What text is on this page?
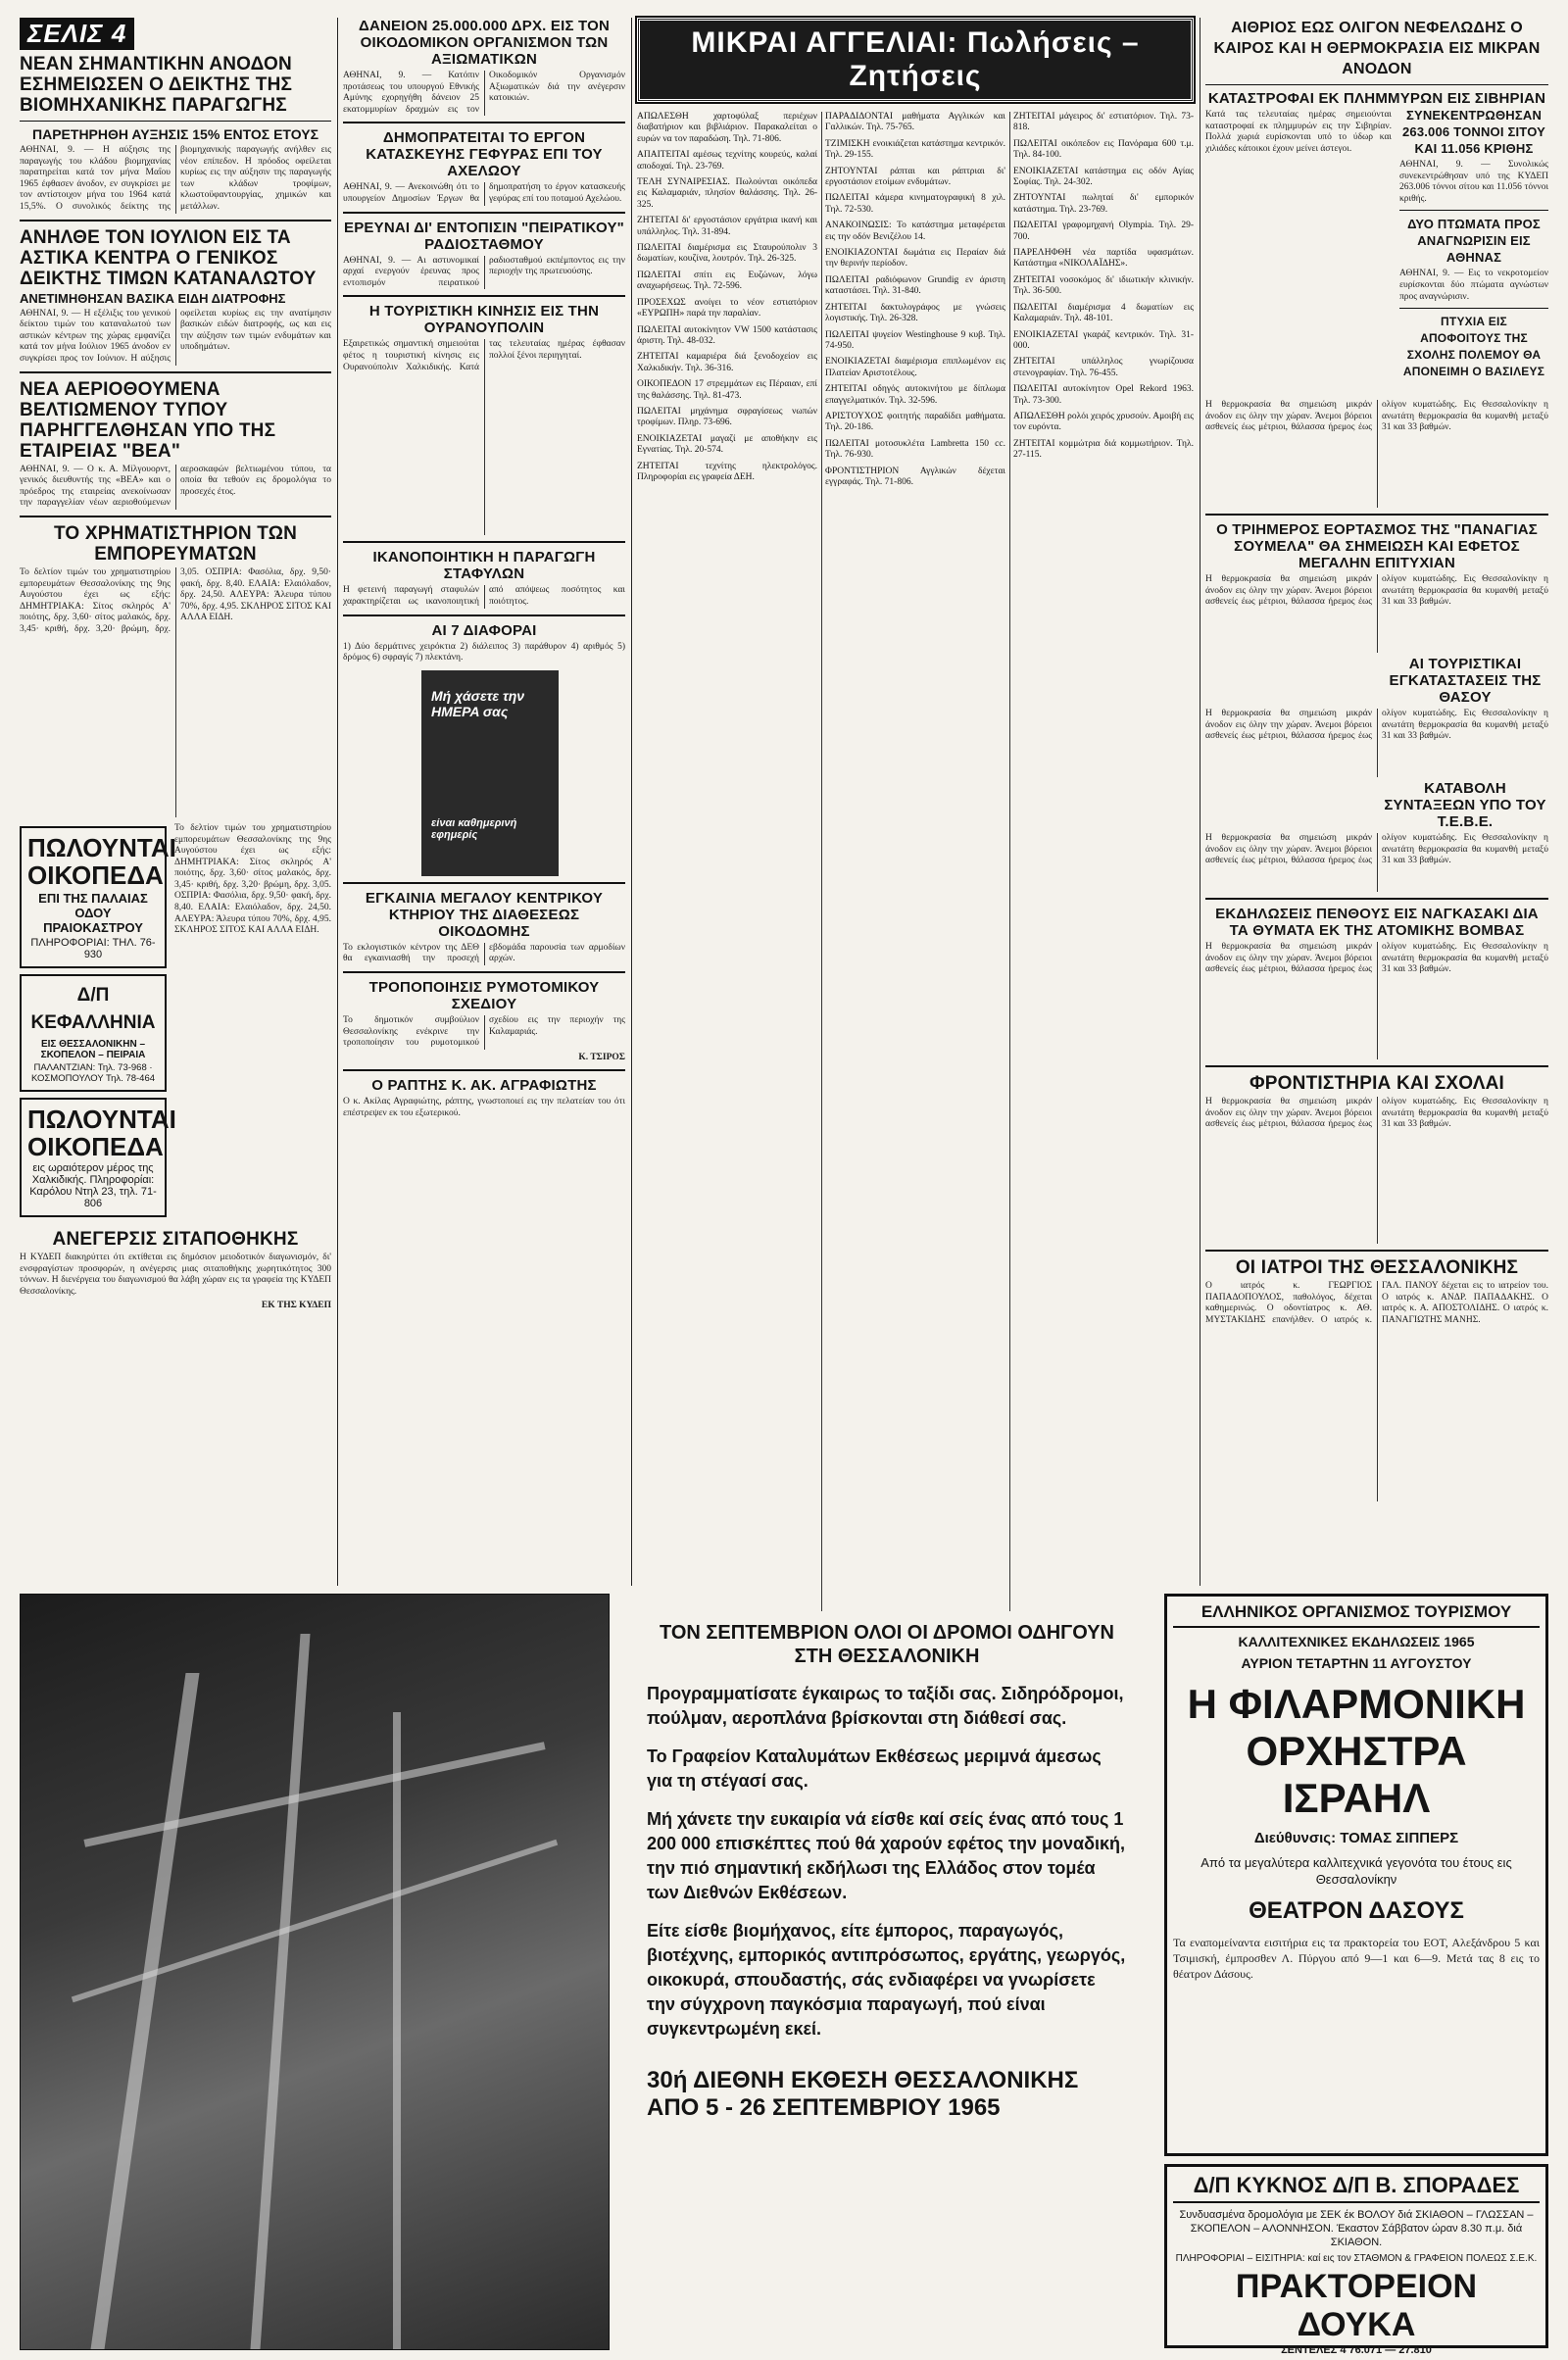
ΣΕΛΙΣ 4
ΝΕΑΝ ΣΗΜΑΝΤΙΚΗΝ ΑΝΟΔΟΝ ΕΣΗΜΕΙΩΣΕΝ Ο ΔΕΙΚΤΗΣ ΤΗΣ ΒΙΟΜΗΧΑΝΙΚΗΣ ΠΑΡΑΓΩΓΗΣ
ΠΑΡΕΤΗΡΗΘΗ ΑΥΞΗΣΙΣ 15% ΕΝΤΟΣ ΕΤΟΥΣ
ΑΘΗΝΑΙ, 9. — Η αύξησις της παραγωγής του κλάδου βιομηχανίας παρατηρείται κατά τον μήνα Μαΐου 1965 έφθασεν άνοδον, εν συγκρίσει με τον αντίστοιχον μήνα του 1964 κατά 15,5%. Ο συνολικός δείκτης της βιομηχανικής παραγωγής ανήλθεν εις νέον επίπεδον. Η πρόοδος οφείλεται κυρίως εις την αύξησιν της παραγωγής των κλάδων τροφίμων, κλωστοϋφαντουργίας, χημικών και μετάλλων.
ΑΝΗΛΘΕ ΤΟΝ ΙΟΥΛΙΟΝ ΕΙΣ ΤΑ ΑΣΤΙΚΑ ΚΕΝΤΡΑ Ο ΓΕΝΙΚΟΣ ΔΕΙΚΤΗΣ ΤΙΜΩΝ ΚΑΤΑΝΑΛΩΤΟΥ
ΑΝΕΤΙΜΗΘΗΣΑΝ ΒΑΣΙΚΑ ΕΙΔΗ ΔΙΑΤΡΟΦΗΣ
ΑΘΗΝΑΙ, 9. — Η εξέλιξις του γενικού δείκτου τιμών του καταναλωτού των αστικών κέντρων της χώρας εμφανίζει κατά τον μήνα Ιούλιον 1965 άνοδον εν συγκρίσει προς τον Ιούνιον. Η αύξησις οφείλεται κυρίως εις την ανατίμησιν βασικών ειδών διατροφής, ως και εις την αύξησιν των τιμών ενδυμάτων και υποδημάτων.
ΝΕΑ ΑΕΡΙΟΘΟΥΜΕΝΑ ΒΕΛΤΙΩΜΕΝΟΥ ΤΥΠΟΥ ΠΑΡΗΓΓΕΛΘΗΣΑΝ ΥΠΟ ΤΗΣ ΕΤΑΙΡΕΙΑΣ "ΒΕΑ"
ΑΘΗΝΑΙ, 9. — Ο κ. Α. Μίλγουορντ, γενικός διευθυντής της «ΒΕΑ» και ο πρόεδρος της εταιρείας ανεκοίνωσαν την παραγγελίαν νέων αεριοθούμενων αεροσκαφών βελτιωμένου τύπου, τα οποία θα τεθούν εις δρομολόγια το προσεχές έτος.
ΤΟ ΧΡΗΜΑΤΙΣΤΗΡΙΟΝ ΤΩΝ ΕΜΠΟΡΕΥΜΑΤΩΝ
Το δελτίον τιμών του χρηματιστηρίου εμπορευμάτων Θεσσαλονίκης της 9ης Αυγούστου έχει ως εξής: ΔΗΜΗΤΡΙΑΚΑ: Σίτος σκληρός Α' ποιότης, δρχ. 3,60· σίτος μαλακός, δρχ. 3,45· κριθή, δρχ. 3,20· βρώμη, δρχ. 3,05. ΟΣΠΡΙΑ: Φασόλια, δρχ. 9,50· φακή, δρχ. 8,40. ΕΛΑΙΑ: Ελαιόλαδον, δρχ. 24,50. ΑΛΕΥΡΑ: Άλευρα τύπου 70%, δρχ. 4,95. ΣΚΛΗΡΟΣ ΣΙΤΟΣ ΚΑΙ ΑΛΛΑ ΕΙΔΗ.
ΠΩΛΟΥΝΤΑΙ ΟΙΚΟΠΕΔΑ
ΕΠΙ ΤΗΣ ΠΑΛΑΙΑΣ ΟΔΟΥ ΠΡΑΙΟΚΑΣΤΡΟΥ
ΠΛΗΡΟΦΟΡΙΑΙ: ΤΗΛ. 76-930
Δ/Π ΚΕΦΑΛΛΗΝΙΑ
ΕΙΣ ΘΕΣΣΑΛΟΝΙΚΗΝ – ΣΚΟΠΕΛΟΝ – ΠΕΙΡΑΙΑ
ΠΑΛΑΝΤΖΙΑΝ: Τηλ. 73-968 · ΚΟΣΜΟΠΟΥΛΟΥ Τηλ. 78-464
ΠΩΛΟΥΝΤΑΙ ΟΙΚΟΠΕΔΑ
εις ωραιότερον μέρος της Χαλκιδικής. Πληροφορίαι: Καρόλου Ντηλ 23, τηλ. 71-806
Το δελτίον τιμών του χρηματιστηρίου εμπορευμάτων Θεσσαλονίκης της 9ης Αυγούστου έχει ως εξής: ΔΗΜΗΤΡΙΑΚΑ: Σίτος σκληρός Α' ποιότης, δρχ. 3,60· σίτος μαλακός, δρχ. 3,45· κριθή, δρχ. 3,20· βρώμη, δρχ. 3,05. ΟΣΠΡΙΑ: Φασόλια, δρχ. 9,50· φακή, δρχ. 8,40. ΕΛΑΙΑ: Ελαιόλαδον, δρχ. 24,50. ΑΛΕΥΡΑ: Άλευρα τύπου 70%, δρχ. 4,95. ΣΚΛΗΡΟΣ ΣΙΤΟΣ ΚΑΙ ΑΛΛΑ ΕΙΔΗ.
ΑΝΕΓΕΡΣΙΣ ΣΙΤΑΠΟΘΗΚΗΣ
Η ΚΥΔΕΠ διακηρύττει ότι εκτίθεται εις δημόσιον μειοδοτικόν διαγωνισμόν, δι' ενσφραγίστων προσφορών, η ανέγερσις μιας σιταποθήκης χωρητικότητος 300 τόννων. Η διενέργεια του διαγωνισμού θα λάβη χώραν εις τα γραφεία της ΚΥΔΕΠ Θεσσαλονίκης.
ΕΚ ΤΗΣ ΚΥΔΕΠ
ΔΑΝΕΙΟΝ 25.000.000 ΔΡΧ. ΕΙΣ ΤΟΝ ΟΙΚΟΔΟΜΙΚΟΝ ΟΡΓΑΝΙΣΜΟΝ ΤΩΝ ΑΞΙΩΜΑΤΙΚΩΝ
ΑΘΗΝΑΙ, 9. — Κατόπιν προτάσεως του υπουργού Εθνικής Αμύνης εχορηγήθη δάνειον 25 εκατομμυρίων δραχμών εις τον Οικοδομικόν Οργανισμόν Αξιωματικών διά την ανέγερσιν κατοικιών.
ΔΗΜΟΠΡΑΤΕΙΤΑΙ ΤΟ ΕΡΓΟΝ ΚΑΤΑΣΚΕΥΗΣ ΓΕΦΥΡΑΣ ΕΠΙ ΤΟΥ ΑΧΕΛΩΟΥ
ΑΘΗΝΑΙ, 9. — Ανεκοινώθη ότι το υπουργείον Δημοσίων Έργων θα δημοπρατήση το έργον κατασκευής γεφύρας επί του ποταμού Αχελώου.
ΕΡΕΥΝΑΙ ΔΙ' ΕΝΤΟΠΙΣΙΝ "ΠΕΙΡΑΤΙΚΟΥ" ΡΑΔΙΟΣΤΑΘΜΟΥ
ΑΘΗΝΑΙ, 9. — Αι αστυνομικαί αρχαί ενεργούν έρευνας προς εντοπισμόν πειρατικού ραδιοσταθμού εκπέμποντος εις την περιοχήν της πρωτευούσης.
Η ΤΟΥΡΙΣΤΙΚΗ ΚΙΝΗΣΙΣ ΕΙΣ ΤΗΝ ΟΥΡΑΝΟΥΠΟΛΙΝ
Εξαιρετικώς σημαντική σημειούται φέτος η τουριστική κίνησις εις Ουρανούπολιν Χαλκιδικής. Κατά τας τελευταίας ημέρας έφθασαν πολλοί ξένοι περιηγηταί.
ΙΚΑΝΟΠΟΙΗΤΙΚΗ Η ΠΑΡΑΓΩΓΗ ΣΤΑΦΥΛΩΝ
Η φετεινή παραγωγή σταφυλών χαρακτηρίζεται ως ικανοποιητική από απόψεως ποσότητος και ποιότητος.
ΑΙ 7 ΔΙΑΦΟΡΑΙ
1) Δύο δερμάτινες χειρόκτια 2) διάλειπος 3) παράθυρον 4) αριθμός 5) δρόμος 6) σφραγίς 7) πλεκτάνη.
Μή χάσετε την ΗΜΕΡΑ σας
είναι καθημερινή εφημερίς
ΕΓΚΑΙΝΙΑ ΜΕΓΑΛΟΥ ΚΕΝΤΡΙΚΟΥ ΚΤΗΡΙΟΥ ΤΗΣ ΔΙΑΘΕΣΕΩΣ ΟΙΚΟΔΟΜΗΣ
Το εκλογιστικόν κέντρον της ΔΕΘ θα εγκαινιασθή την προσεχή εβδομάδα παρουσία των αρμοδίων αρχών.
ΤΡΟΠΟΠΟΙΗΣΙΣ ΡΥΜΟΤΟΜΙΚΟΥ ΣΧΕΔΙΟΥ
Το δημοτικόν συμβούλιον Θεσσαλονίκης ενέκρινε την τροποποίησιν του ρυμοτομικού σχεδίου εις την περιοχήν της Καλαμαριάς.
Κ. ΤΣΙΡΟΣ
Ο ΡΑΠΤΗΣ Κ. ΑΚ. ΑΓΡΑΦΙΩΤΗΣ
Ο κ. Ακίλας Αγραφιώτης, ράπτης, γνωστοποιεί εις την πελατείαν του ότι επέστρεψεν εκ του εξωτερικού.
ΜΙΚΡΑΙ ΑΓΓΕΛΙΑΙ: Πωλήσεις – Ζητήσεις
ΑΠΩΛΕΣΘΗ χαρτοφύλαξ περιέχων διαβατήριον και βιβλιάριον. Παρακαλείται ο ευρών να τον παραδώση. Τηλ. 71-806.
ΑΠΑΙΤΕΙΤΑΙ αμέσως τεχνίτης κουρεύς, καλαί αποδοχαί. Τηλ. 23-769.
ΤΕΛΗ ΣΥΝΑΙΡΕΣΙΑΣ. Πωλούνται οικόπεδα εις Καλαμαριάν, πλησίον θαλάσσης. Τηλ. 26-325.
ΖΗΤΕΙΤΑΙ δι' εργοστάσιον εργάτρια ικανή και υπάλληλος. Τηλ. 31-894.
ΠΩΛΕΙΤΑΙ διαμέρισμα εις Σταυρούπολιν 3 δωματίων, κουζίνα, λουτρόν. Τηλ. 26-325.
ΠΩΛΕΙΤΑΙ σπίτι εις Ευζώνων, λόγω αναχωρήσεως. Τηλ. 72-596.
ΠΡΟΣΕΧΩΣ ανοίγει το νέον εστιατόριον «ΕΥΡΩΠΗ» παρά την παραλίαν.
ΠΩΛΕΙΤΑΙ αυτοκίνητον VW 1500 κατάστασις άριστη. Τηλ. 48-032.
ΖΗΤΕΙΤΑΙ καμαριέρα διά ξενοδοχείον εις Χαλκιδικήν. Τηλ. 36-316.
ΟΙΚΟΠΕΔΟΝ 17 στρεμμάτων εις Πέραιαν, επί της θαλάσσης. Τηλ. 81-473.
ΠΩΛΕΙΤΑΙ μηχάνημα σφραγίσεως νωπών τροφίμων. Πληρ. 73-696.
ΕΝΟΙΚΙΑΖΕΤΑΙ μαγαζί με αποθήκην εις Εγνατίας. Τηλ. 20-574.
ΖΗΤΕΙΤΑΙ τεχνίτης ηλεκτρολόγος. Πληροφορίαι εις γραφεία ΔΕΗ.
ΠΑΡΑΔΙΔΟΝΤΑΙ μαθήματα Αγγλικών και Γαλλικών. Τηλ. 75-765.
ΤΖΙΜΙΣΚΗ ενοικιάζεται κατάστημα κεντρικόν. Τηλ. 29-155.
ΖΗΤΟΥΝΤΑΙ ράπται και ράπτριαι δι' εργοστάσιον ετοίμων ενδυμάτων.
ΠΩΛΕΙΤΑΙ κάμερα κινηματογραφική 8 χιλ. Τηλ. 72-530.
ΑΝΑΚΟΙΝΩΣΙΣ: Το κατάστημα μεταφέρεται εις την οδόν Βενιζέλου 14.
ΕΝΟΙΚΙΑΖΟΝΤΑΙ δωμάτια εις Περαίαν διά την θερινήν περίοδον.
ΠΩΛΕΙΤΑΙ ραδιόφωνον Grundig εν άριστη καταστάσει. Τηλ. 31-840.
ΖΗΤΕΙΤΑΙ δακτυλογράφος με γνώσεις λογιστικής. Τηλ. 26-328.
ΠΩΛΕΙΤΑΙ ψυγείον Westinghouse 9 κυβ. Τηλ. 74-950.
ΕΝΟΙΚΙΑΖΕΤΑΙ διαμέρισμα επιπλωμένον εις Πλατείαν Αριστοτέλους.
ΖΗΤΕΙΤΑΙ οδηγός αυτοκινήτου με δίπλωμα επαγγελματικόν. Τηλ. 32-596.
ΑΡΙΣΤΟΥΧΟΣ φοιτητής παραδίδει μαθήματα. Τηλ. 20-186.
ΠΩΛΕΙΤΑΙ μοτοσυκλέτα Lambretta 150 cc. Τηλ. 76-930.
ΦΡΟΝΤΙΣΤΗΡΙΟΝ Αγγλικών δέχεται εγγραφάς. Τηλ. 71-806.
ΖΗΤΕΙΤΑΙ μάγειρος δι' εστιατόριον. Τηλ. 73-818.
ΠΩΛΕΙΤΑΙ οικόπεδον εις Πανόραμα 600 τ.μ. Τηλ. 84-100.
ΕΝΟΙΚΙΑΖΕΤΑΙ κατάστημα εις οδόν Αγίας Σοφίας. Τηλ. 24-302.
ΖΗΤΟΥΝΤΑΙ πωληταί δι' εμπορικόν κατάστημα. Τηλ. 23-769.
ΠΩΛΕΙΤΑΙ γραφομηχανή Olympia. Τηλ. 29-700.
ΠΑΡΕΛΗΦΘΗ νέα παρτίδα υφασμάτων. Κατάστημα «ΝΙΚΟΛΑΪΔΗΣ».
ΖΗΤΕΙΤΑΙ νοσοκόμος δι' ιδιωτικήν κλινικήν. Τηλ. 36-500.
ΠΩΛΕΙΤΑΙ διαμέρισμα 4 δωματίων εις Καλαμαριάν. Τηλ. 48-101.
ΕΝΟΙΚΙΑΖΕΤΑΙ γκαράζ κεντρικόν. Τηλ. 31-000.
ΖΗΤΕΙΤΑΙ υπάλληλος γνωρίζουσα στενογραφίαν. Τηλ. 76-455.
ΠΩΛΕΙΤΑΙ αυτοκίνητον Opel Rekord 1963. Τηλ. 73-300.
ΑΠΩΛΕΣΘΗ ρολόι χειρός χρυσούν. Αμοιβή εις τον ευρόντα.
ΖΗΤΕΙΤΑΙ κομμώτρια διά κομμωτήριον. Τηλ. 27-115.
ΑΙΘΡΙΟΣ ΕΩΣ ΟΛΙΓΟΝ ΝΕΦΕΛΩΔΗΣ Ο ΚΑΙΡΟΣ ΚΑΙ Η ΘΕΡΜΟΚΡΑΣΙΑ ΕΙΣ ΜΙΚΡΑΝ ΑΝΟΔΟΝ
ΚΑΤΑΣΤΡΟΦΑΙ ΕΚ ΠΛΗΜΜΥΡΩΝ ΕΙΣ ΣΙΒΗΡΙΑΝ
Κατά τας τελευταίας ημέρας σημειούνται καταστροφαί εκ πλημμυρών εις την Σιβηρίαν. Πολλά χωριά ευρίσκονται υπό το ύδωρ και χιλιάδες κάτοικοι έχουν μείνει άστεγοι.
ΣΥΝΕΚΕΝΤΡΩΘΗΣΑΝ 263.006 ΤΟΝΝΟΙ ΣΙΤΟΥ ΚΑΙ 11.056 ΚΡΙΘΗΣ
ΑΘΗΝΑΙ, 9. — Συνολικώς συνεκεντρώθησαν υπό της ΚΥΔΕΠ 263.006 τόννοι σίτου και 11.056 τόννοι κριθής.
ΔΥΟ ΠΤΩΜΑΤΑ ΠΡΟΣ ΑΝΑΓΝΩΡΙΣΙΝ ΕΙΣ ΑΘΗΝΑΣ
ΑΘΗΝΑΙ, 9. — Εις το νεκροτομείον ευρίσκονται δύο πτώματα αγνώστων προς αναγνώρισιν.
ΠΤΥΧΙΑ ΕΙΣ ΑΠΟΦΟΙΤΟΥΣ ΤΗΣ ΣΧΟΛΗΣ ΠΟΛΕΜΟΥ ΘΑ ΑΠΟΝΕΙΜΗ Ο ΒΑΣΙΛΕΥΣ
Η θερμοκρασία θα σημειώση μικράν άνοδον εις όλην την χώραν. Άνεμοι βόρειοι ασθενείς έως μέτριοι, θάλασσα ήρεμος έως ολίγον κυματώδης. Εις Θεσσαλονίκην η ανωτάτη θερμοκρασία θα κυμανθή μεταξύ 31 και 33 βαθμών.
Ο ΤΡΙΗΜΕΡΟΣ ΕΟΡΤΑΣΜΟΣ ΤΗΣ "ΠΑΝΑΓΙΑΣ ΣΟΥΜΕΛΑ" ΘΑ ΣΗΜΕΙΩΣΗ ΚΑΙ ΕΦΕΤΟΣ ΜΕΓΑΛΗΝ ΕΠΙΤΥΧΙΑΝ
Η θερμοκρασία θα σημειώση μικράν άνοδον εις όλην την χώραν. Άνεμοι βόρειοι ασθενείς έως μέτριοι, θάλασσα ήρεμος έως ολίγον κυματώδης. Εις Θεσσαλονίκην η ανωτάτη θερμοκρασία θα κυμανθή μεταξύ 31 και 33 βαθμών.
ΑΙ ΤΟΥΡΙΣΤΙΚΑΙ ΕΓΚΑΤΑΣΤΑΣΕΙΣ ΤΗΣ ΘΑΣΟΥ
Η θερμοκρασία θα σημειώση μικράν άνοδον εις όλην την χώραν. Άνεμοι βόρειοι ασθενείς έως μέτριοι, θάλασσα ήρεμος έως ολίγον κυματώδης. Εις Θεσσαλονίκην η ανωτάτη θερμοκρασία θα κυμανθή μεταξύ 31 και 33 βαθμών.
ΚΑΤΑΒΟΛΗ ΣΥΝΤΑΞΕΩΝ ΥΠΟ ΤΟΥ Τ.Ε.Β.Ε.
Η θερμοκρασία θα σημειώση μικράν άνοδον εις όλην την χώραν. Άνεμοι βόρειοι ασθενείς έως μέτριοι, θάλασσα ήρεμος έως ολίγον κυματώδης. Εις Θεσσαλονίκην η ανωτάτη θερμοκρασία θα κυμανθή μεταξύ 31 και 33 βαθμών.
ΕΚΔΗΛΩΣΕΙΣ ΠΕΝΘΟΥΣ ΕΙΣ ΝΑΓΚΑΣΑΚΙ ΔΙΑ ΤΑ ΘΥΜΑΤΑ ΕΚ ΤΗΣ ΑΤΟΜΙΚΗΣ ΒΟΜΒΑΣ
Η θερμοκρασία θα σημειώση μικράν άνοδον εις όλην την χώραν. Άνεμοι βόρειοι ασθενείς έως μέτριοι, θάλασσα ήρεμος έως ολίγον κυματώδης. Εις Θεσσαλονίκην η ανωτάτη θερμοκρασία θα κυμανθή μεταξύ 31 και 33 βαθμών.
ΦΡΟΝΤΙΣΤΗΡΙΑ ΚΑΙ ΣΧΟΛΑΙ
Η θερμοκρασία θα σημειώση μικράν άνοδον εις όλην την χώραν. Άνεμοι βόρειοι ασθενείς έως μέτριοι, θάλασσα ήρεμος έως ολίγον κυματώδης. Εις Θεσσαλονίκην η ανωτάτη θερμοκρασία θα κυμανθή μεταξύ 31 και 33 βαθμών.
ΟΙ ΙΑΤΡΟΙ ΤΗΣ ΘΕΣΣΑΛΟΝΙΚΗΣ
Ο ιατρός κ. ΓΕΩΡΓΙΟΣ ΠΑΠΑΔΟΠΟΥΛΟΣ, παθολόγος, δέχεται καθημερινώς. Ο οδοντίατρος κ. ΑΘ. ΜΥΣΤΑΚΙΔΗΣ επανήλθεν. Ο ιατρός κ. ΓΑΛ. ΠΑΝΟΥ δέχεται εις το ιατρείον του. Ο ιατρός κ. ΑΝΔΡ. ΠΑΠΑΔΑΚΗΣ. Ο ιατρός κ. Α. ΑΠΟΣΤΟΛΙΔΗΣ. Ο ιατρός κ. ΠΑΝΑΓΙΩΤΗΣ ΜΑΝΗΣ.
ΤΟΝ ΣΕΠΤΕΜΒΡΙΟΝ ΟΛΟΙ ΟΙ ΔΡΟΜΟΙ ΟΔΗΓΟΥΝ ΣΤΗ ΘΕΣΣΑΛΟΝΙΚΗ
Προγραμματίσατε έγκαιρως το ταξίδι σας. Σιδηρόδρομοι, πούλμαν, αεροπλάνα βρίσκονται στη διάθεσί σας.
Το Γραφείον Καταλυμάτων Εκθέσεως μεριμνά άμεσως για τη στέγασί σας.
Μή χάνετε την ευκαιρία νά είσθε καί σείς ένας από τους 1 200 000 επισκέπτες πού θά χαρούν εφέτος την μοναδική, την πιό σημαντική εκδήλωσι της Ελλάδος στον τομέα των Διεθνών Εκθέσεων.
Είτε είσθε βιομήχανος, είτε έμπορος, παραγωγός, βιοτέχνης, εμπορικός αντιπρόσωπος, εργάτης, γεωργός, οικοκυρά, σπουδαστής, σάς ενδιαφέρει να γνωρίσετε την σύγχρονη παγκόσμια παραγωγή, πού είναι συγκεντρωμένη εκεί.
30ή ΔΙΕΘΝΗ ΕΚΘΕΣΗ ΘΕΣΣΑΛΟΝΙΚΗΣ ΑΠΟ 5 - 26 ΣΕΠΤΕΜΒΡΙΟΥ 1965
ΕΛΛΗΝΙΚΟΣ ΟΡΓΑΝΙΣΜΟΣ ΤΟΥΡΙΣΜΟΥ
ΚΑΛΛΙΤΕΧΝΙΚΕΣ ΕΚΔΗΛΩΣΕΙΣ 1965
ΑΥΡΙΟΝ ΤΕΤΑΡΤΗΝ 11 ΑΥΓΟΥΣΤΟΥ
Η ΦΙΛΑΡΜΟΝΙΚΗ ΟΡΧΗΣΤΡΑ ΙΣΡΑΗΛ
Διεύθυνσις: ΤΟΜΑΣ ΣΙΠΠΕΡΣ
Από τα μεγαλύτερα καλλιτεχνικά γεγονότα του έτους εις Θεσσαλονίκην
ΘΕΑΤΡΟΝ ΔΑΣΟΥΣ
Τα εναπομείναντα εισιτήρια εις τα πρακτορεία του ΕΟΤ, Αλεξάνδρου 5 και Τσιμισκή, έμπροσθεν Λ. Πύργου από 9—1 και 6—9. Μετά τας 8 εις το θέατρον Δάσους.
Δ/Π ΚΥΚΝΟΣ Δ/Π Β. ΣΠΟΡΑΔΕΣ
Συνδυασμένα δρομολόγια με ΣΕΚ έκ ΒΟΛΟΥ διά ΣΚΙΑΘΟΝ – ΓΛΩΣΣΑΝ – ΣΚΟΠΕΛΟΝ – ΑΛΟΝΝΗΣΟΝ. Έκαστον Σάββατον ώραν 8.30 π.μ. διά ΣΚΙΑΘΟΝ.
ΠΛΗΡΟΦΟΡΙΑΙ – ΕΙΣΙΤΗΡΙΑ: καί εις τον ΣΤΑΘΜΟΝ & ΓΡΑΦΕΙΟΝ ΠΟΛΕΩΣ Σ.Ε.Κ.
ΠΡΑΚΤΟΡΕΙΟΝ ΔΟΥΚΑ
ΣΕΝΤΕΛΕΣ 4 76.071 — 27.810
